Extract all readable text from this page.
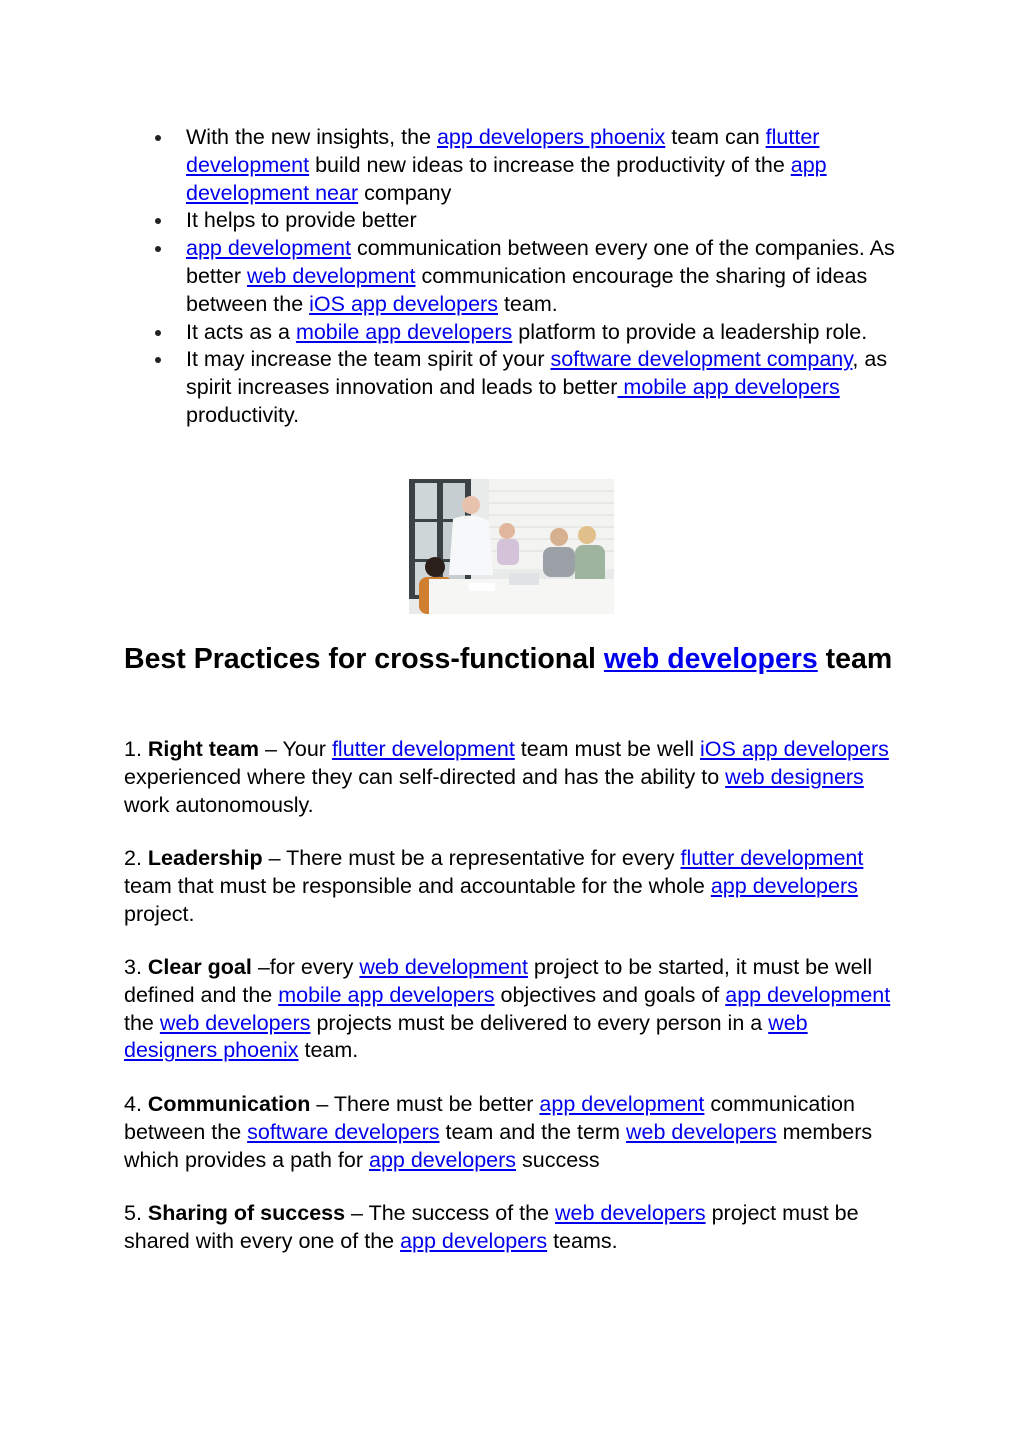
With the new insights, the app developers phoenix team can flutter development build new ideas to increase the productivity of the app development near company
It helps to provide better
app development communication between every one of the companies. As better web development communication encourage the sharing of ideas between the iOS app developers team.
It acts as a mobile app developers platform to provide a leadership role.
It may increase the team spirit of your software development company, as spirit increases innovation and leads to better mobile app developers productivity.
Best Practices for cross-functional web developers team

1. Right team – Your flutter development team must be well iOS app developers experienced where they can self-directed and has the ability to web designers work autonomously.

2. Leadership – There must be a representative for every flutter development team that must be responsible and accountable for the whole app developers project.

3. Clear goal –for every web development project to be started, it must be well defined and the mobile app developers objectives and goals of app development the web developers projects must be delivered to every person in a web designers phoenix team.

4. Communication – There must be better app development communication between the software developers team and the term web developers members which provides a path for app developers success

5. Sharing of success – The success of the web developers project must be shared with every one of the app developers teams.
